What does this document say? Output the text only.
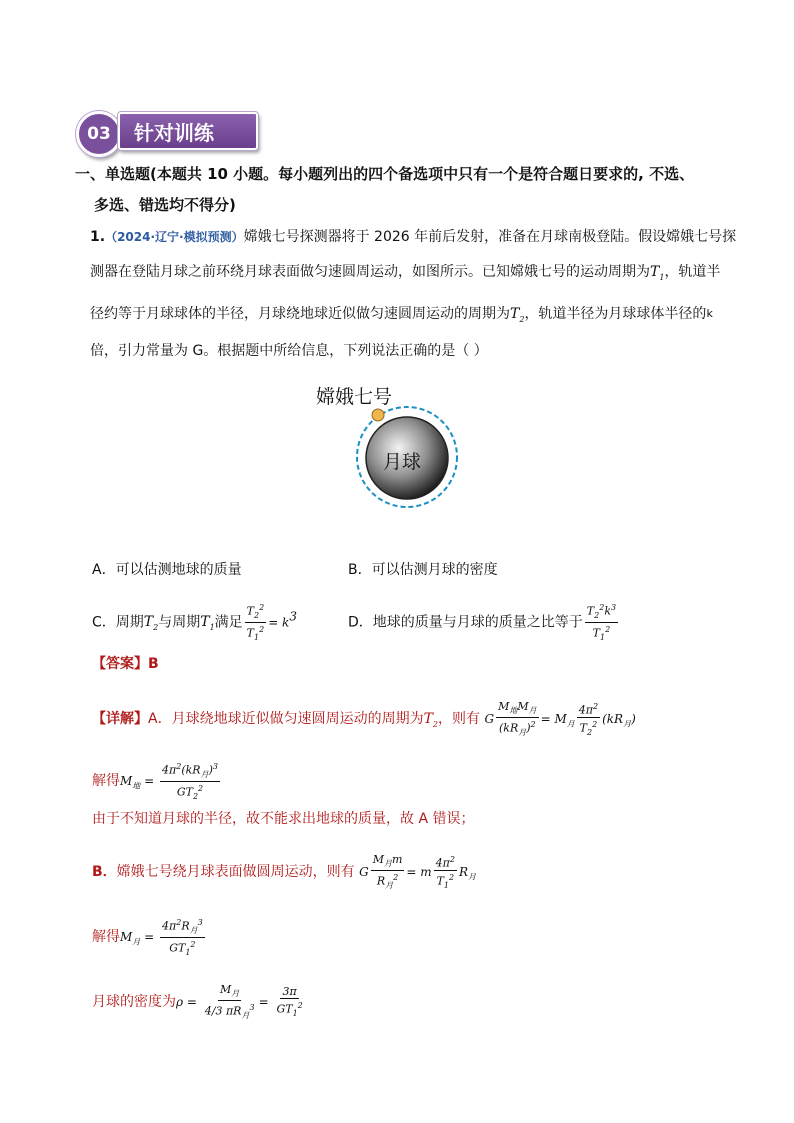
03	针对训练
一、单选题(本题共 10 小题。每小题列出的四个备选项中只有一个是符合题日要求的, 不选、
多选、错选均不得分)
1.（2024·辽宁·模拟预测）嫦娥七号探测器将于 2026 年前后发射，准备在月球南极登陆。假设嫦娥七号探
测器在登陆月球之前环绕月球表面做匀速圆周运动，如图所示。已知嫦娥七号的运动周期为$T_1$，轨道半
径约等于月球球体的半径，月球绕地球近似做匀速圆周运动的周期为$T_2$，轨道半径为月球球体半径的$^k$
倍，引力常量为 G。根据题中所给信息，下列说法正确的是（ ）
嫦娥七号
月球
A．可以估测地球的质量	B．可以估测月球的密度
C．周期$T_2$与周期$T_1$满足 $\frac{T_2^2}{T_1^2} = k^3$	D．地球的质量与月球的质量之比等于 $\frac{T_2^2k^3}{T_1^2}$
【答案】B
【详解】A．月球绕地球近似做匀速圆周运动的周期为$T_2$，则有 G $\frac{M_地M_月}{(kR_月)^2} = M_月 \frac{4\pi^2}{T_2^2} (kR_月)$
解得$M_地 = \frac{4\pi^2(kR_月)^3}{GT_2^2}$
由于不知道月球的半径，故不能求出地球的质量，故 A 错误；
B．嫦娥七号绕月球表面做圆周运动，则有 G $\frac{M_月m}{R_月^2} = m \frac{4\pi^2}{T_1^2} R_月$
解得$M_月 = \frac{4\pi^2R_月^3}{GT_1^2}$
月球的密度为$\rho = \frac{M_月}{4/3 \pi R_月^3} = \frac{3\pi}{GT_1^2}$
